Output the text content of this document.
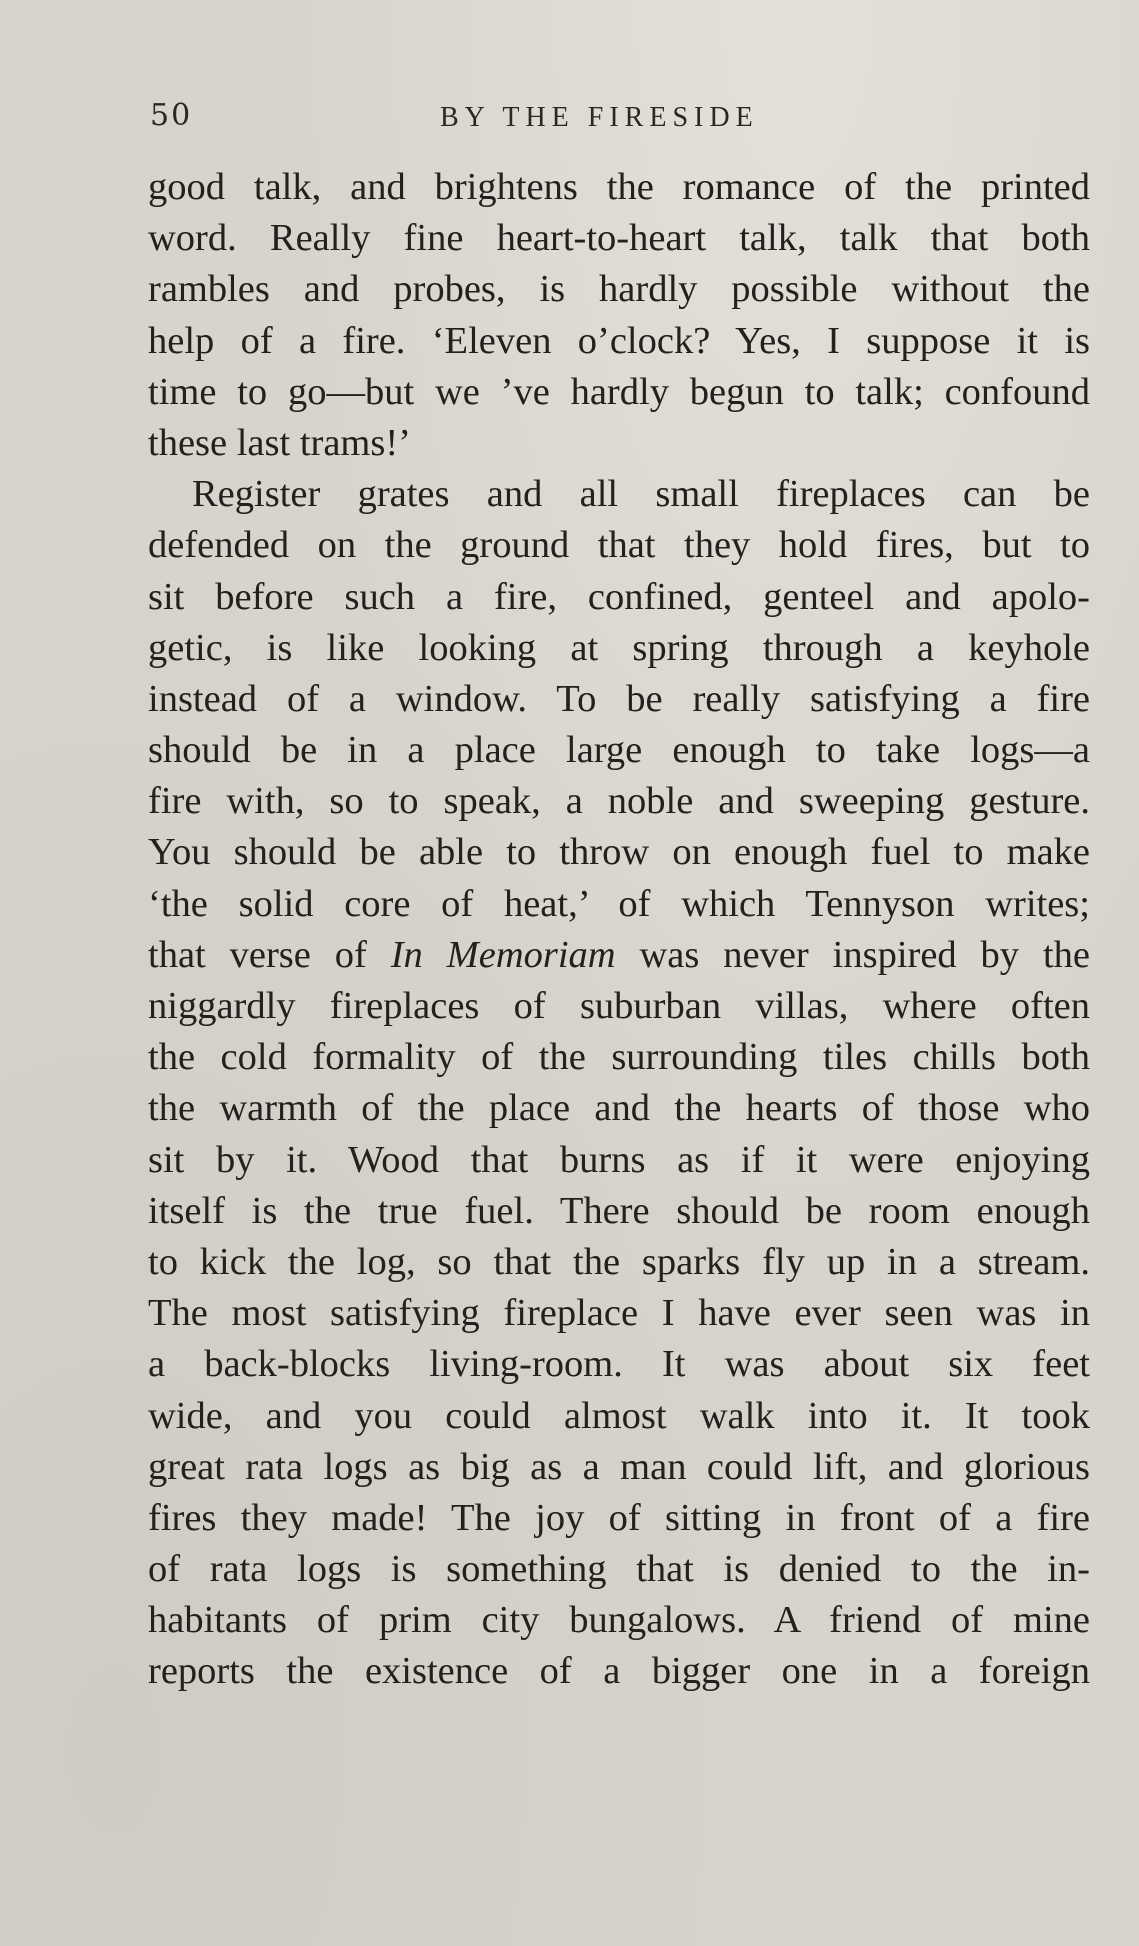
50	BY THE FIRESIDE
good talk, and brightens the romance of the printed
word. Really fine heart-to-heart talk, talk that both
rambles and probes, is hardly possible without the
help of a fire. ‘Eleven o’clock? Yes, I suppose it is
time to go—but we ’ve hardly begun to talk; confound
these last trams!’
Register grates and all small fireplaces can be
defended on the ground that they hold fires, but to
sit before such a fire, confined, genteel and apolo-
getic, is like looking at spring through a keyhole
instead of a window. To be really satisfying a fire
should be in a place large enough to take logs—a
fire with, so to speak, a noble and sweeping gesture.
You should be able to throw on enough fuel to make
‘the solid core of heat,’ of which Tennyson writes;
that verse of In Memoriam was never inspired by the
niggardly fireplaces of suburban villas, where often
the cold formality of the surrounding tiles chills both
the warmth of the place and the hearts of those who
sit by it. Wood that burns as if it were enjoying
itself is the true fuel. There should be room enough
to kick the log, so that the sparks fly up in a stream.
The most satisfying fireplace I have ever seen was in
a back-blocks living-room. It was about six feet
wide, and you could almost walk into it. It took
great rata logs as big as a man could lift, and glorious
fires they made! The joy of sitting in front of a fire
of rata logs is something that is denied to the in-
habitants of prim city bungalows. A friend of mine
reports the existence of a bigger one in a foreign
